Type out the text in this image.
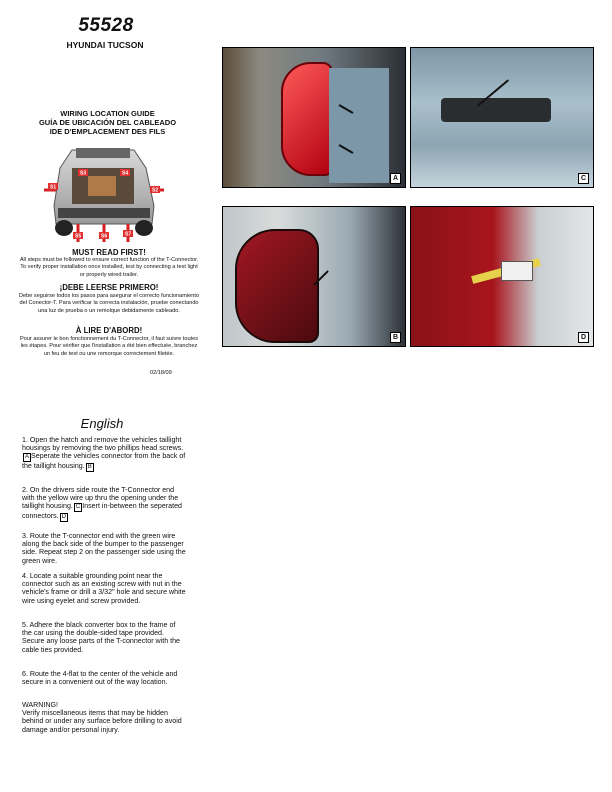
55528
HYUNDAI TUCSON
WIRING LOCATION GUIDE
GUÍA DE UBICACIÓN DEL CABLEADO
IDE D'EMPLACEMENT DES FILS
S3	S4
S1	S2
S5	S6	S7
MUST READ FIRST!
All steps must be followed to ensure correct function of the T-Connector. To verify proper installation once installed, test by connecting a test light or properly wired trailer.
¡DEBE LEERSE PRIMERO!
Debe seguirse todos los pasos para asegurar el correcto funcionamiento del Conector-T. Para verificar la correcta instalación, pruebe conectando una luz de prueba o un remolque debidamente cableado.
À LIRE D'ABORD!
Pour assurer le bon fonctionnement du T-Connector, il faut suivre toutes les étapes. Pour vérifier que l'installation a été bien effectuée, branchez un feu de test ou une remorque correctement filetée.
02/18/09
English
1. Open the hatch and remove the vehicles taillight housings by removing the two phillips head screws.A Seperate the vehicles connector from the back of the taillight housing. B
2. On the drivers side route the T-Connector end with the yellow wire up thru the opening under the taillight housing. C Insert in-between the seperated connectors. D
3. Route the T-connector end with the green wire along the back side of the bumper to the passenger side. Repeat step 2 on the passenger side using the green wire.
4. Locate a suitable grounding point near the connector such as an existing screw with nut in the vehicle's frame or drill a 3/32" hole and secure white wire using eyelet and screw provided.
5. Adhere the black converter box to the frame of the car using the double-sided tape provided. Secure any loose parts of the T-connector with the cable ties provided.
6. Route the 4-flat to the center of the vehicle and secure in a convenient out of the way location.
WARNING!
Verify miscellaneous items that may be hidden behind or under any surface before drilling to avoid damage and/or personal injury.
A	C
B	D
